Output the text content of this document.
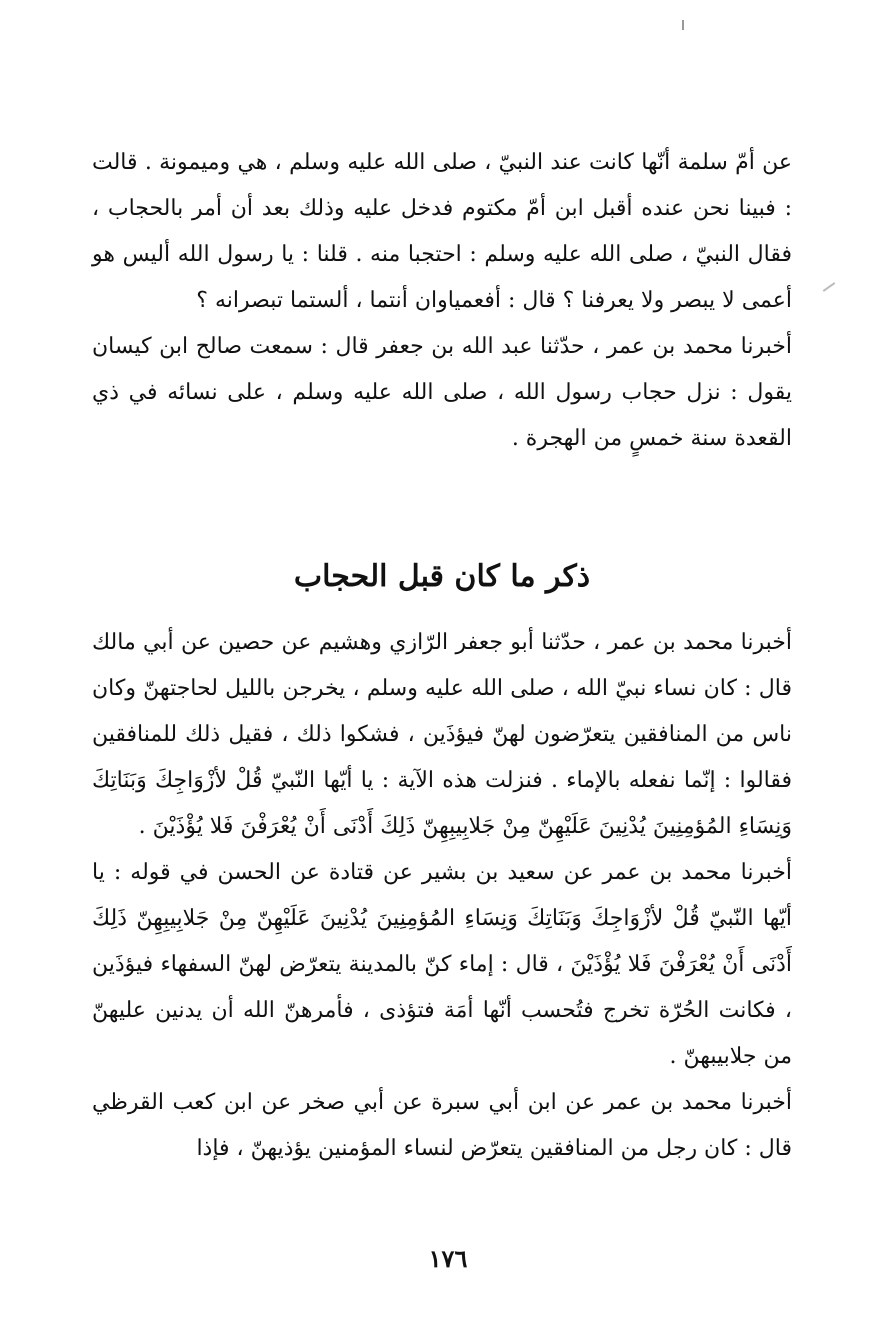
عن أمّ سلمة أنّها كانت عند النبيّ ، صلى الله عليه وسلم ، هي وميمونة . قالت : فبينا نحن عنده أقبل ابن أمّ مكتوم فدخل عليه وذلك بعد أن أمر بالحجاب ، فقال النبيّ ، صلى الله عليه وسلم : احتجبا منه . قلنا : يا رسول الله أليس هو أعمى لا يبصر ولا يعرفنا ؟ قال : أفعمياوان أنتما ، ألستما تبصرانه ؟

أخبرنا محمد بن عمر ، حدّثنا عبد الله بن جعفر قال : سمعت صالح ابن كيسان يقول : نزل حجاب رسول الله ، صلى الله عليه وسلم ، على نسائه في ذي القعدة سنة خمسٍ من الهجرة .

ذكر ما كان قبل الحجاب

أخبرنا محمد بن عمر ، حدّثنا أبو جعفر الرّازي وهشيم عن حصين عن أبي مالك قال : كان نساء نبيّ الله ، صلى الله عليه وسلم ، يخرجن بالليل لحاجتهنّ وكان ناس من المنافقين يتعرّضون لهنّ فيؤذَين ، فشكوا ذلك ، فقيل ذلك للمنافقين فقالوا : إنّما نفعله بالإماء . فنزلت هذه الآية : يا أيّها النّبيّ قُلْ لأزْوَاجِكَ وَبَنَاتِكَ وَنِسَاءِ المُؤمِنِينَ يُدْنِينَ عَلَيْهِنّ مِنْ جَلابِيبِهِنّ ذَلِكَ أَدْنَى أَنْ يُعْرَفْنَ فَلا يُؤْذَيْنَ .

أخبرنا محمد بن عمر عن سعيد بن بشير عن قتادة عن الحسن في قوله : يا أيّها النّبيّ قُلْ لأزْوَاجِكَ وَبَنَاتِكَ وَنِسَاءِ المُؤمِنِينَ يُدْنِينَ عَلَيْهِنّ مِنْ جَلابِيبِهِنّ ذَلِكَ أَدْنَى أَنْ يُعْرَفْنَ فَلا يُؤْذَيْنَ ، قال : إماء كنّ بالمدينة يتعرّض لهنّ السفهاء فيؤذَين ، فكانت الحُرّة تخرج فتُحسب أنّها أمَة فتؤذى ، فأمرهنّ الله أن يدنين عليهنّ من جلابيبهنّ .

أخبرنا محمد بن عمر عن ابن أبي سبرة عن أبي صخر عن ابن كعب القرظي قال : كان رجل من المنافقين يتعرّض لنساء المؤمنين يؤذيهنّ ، فإذا

١٧٦
